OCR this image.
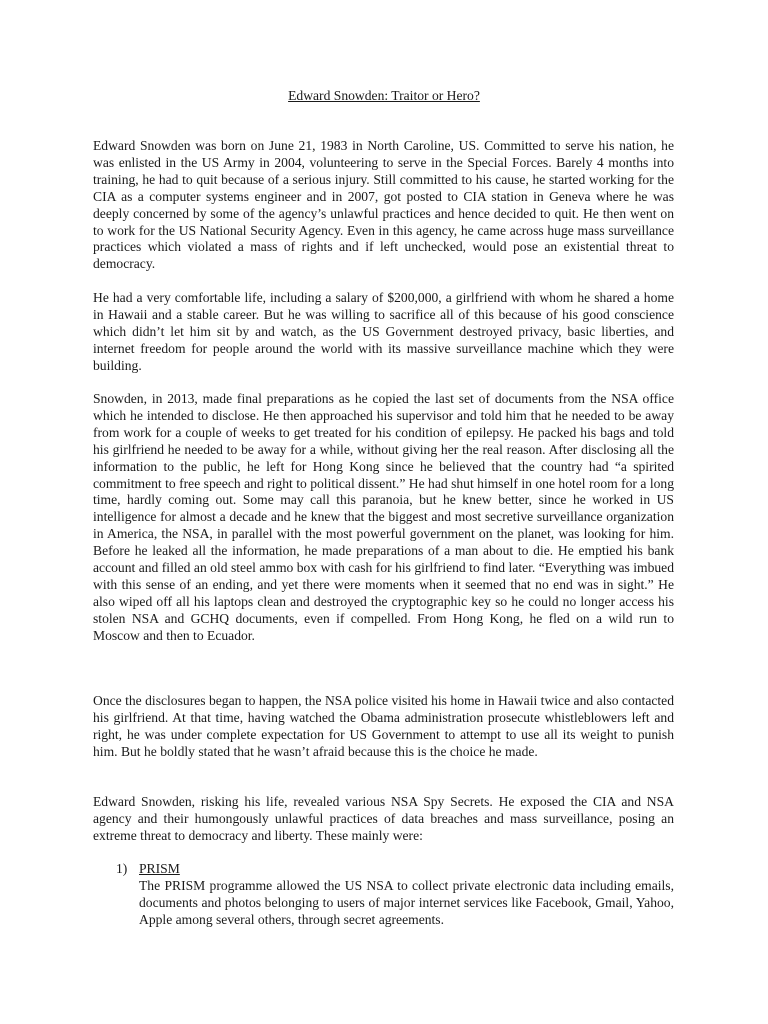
Edward Snowden: Traitor or Hero?

Edward Snowden was born on June 21, 1983 in North Caroline, US. Committed to serve his nation, he was enlisted in the US Army in 2004, volunteering to serve in the Special Forces. Barely 4 months into training, he had to quit because of a serious injury. Still committed to his cause, he started working for the CIA as a computer systems engineer and in 2007, got posted to CIA station in Geneva where he was deeply concerned by some of the agency’s unlawful practices and hence decided to quit. He then went on to work for the US National Security Agency. Even in this agency, he came across huge mass surveillance practices which violated a mass of rights and if left unchecked, would pose an existential threat to democracy.

He had a very comfortable life, including a salary of $200,000, a girlfriend with whom he shared a home in Hawaii and a stable career. But he was willing to sacrifice all of this because of his good conscience which didn’t let him sit by and watch, as the US Government destroyed privacy, basic liberties, and internet freedom for people around the world with its massive surveillance machine which they were building.

Snowden, in 2013, made final preparations as he copied the last set of documents from the NSA office which he intended to disclose. He then approached his supervisor and told him that he needed to be away from work for a couple of weeks to get treated for his condition of epilepsy. He packed his bags and told his girlfriend he needed to be away for a while, without giving her the real reason. After disclosing all the information to the public, he left for Hong Kong since he believed that the country had “a spirited commitment to free speech and right to political dissent.” He had shut himself in one hotel room for a long time, hardly coming out. Some may call this paranoia, but he knew better, since he worked in US intelligence for almost a decade and he knew that the biggest and most secretive surveillance organization in America, the NSA, in parallel with the most powerful government on the planet, was looking for him. Before he leaked all the information, he made preparations of a man about to die. He emptied his bank account and filled an old steel ammo box with cash for his girlfriend to find later. “Everything was imbued with this sense of an ending, and yet there were moments when it seemed that no end was in sight.” He also wiped off all his laptops clean and destroyed the cryptographic key so he could no longer access his stolen NSA and GCHQ documents, even if compelled. From Hong Kong, he fled on a wild run to Moscow and then to Ecuador.

Once the disclosures began to happen, the NSA police visited his home in Hawaii twice and also contacted his girlfriend. At that time, having watched the Obama administration prosecute whistleblowers left and right, he was under complete expectation for US Government to attempt to use all its weight to punish him. But he boldly stated that he wasn’t afraid because this is the choice he made.

Edward Snowden, risking his life, revealed various NSA Spy Secrets. He exposed the CIA and NSA agency and their humongously unlawful practices of data breaches and mass surveillance, posing an extreme threat to democracy and liberty. These mainly were:

1) PRISM

The PRISM programme allowed the US NSA to collect private electronic data including emails, documents and photos belonging to users of major internet services like Facebook, Gmail, Yahoo, Apple among several others, through secret agreements.
